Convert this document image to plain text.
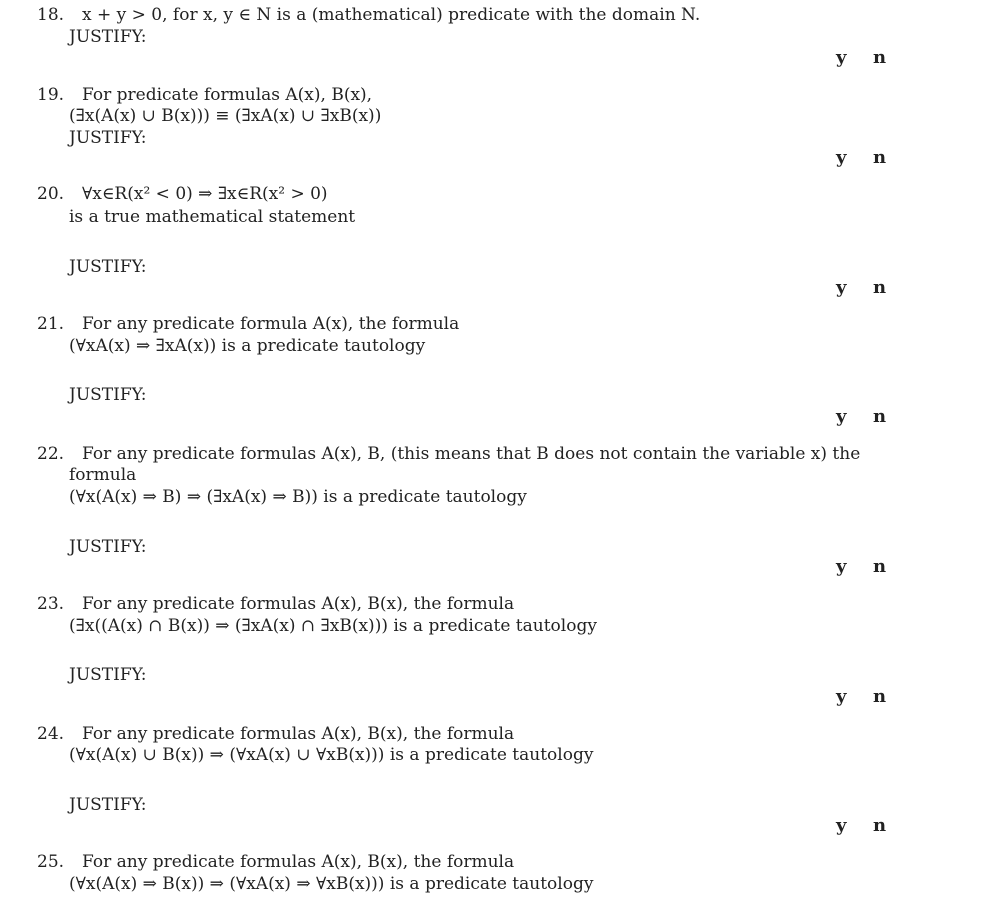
18. x + y > 0, for x, y ∈ N is a (mathematical) predicate with the domain N.
JUSTIFY:
y n
19. For predicate formulas A(x), B(x),
(∃x(A(x) ∪ B(x))) ≡ (∃xA(x) ∪ ∃xB(x))
JUSTIFY:
y n
20. ∀x∈R(x² < 0) ⇒ ∃x∈R(x² > 0)
is a true mathematical statement
JUSTIFY:
y n
21. For any predicate formula A(x), the formula
(∀xA(x) ⇒ ∃xA(x)) is a predicate tautology
JUSTIFY:
y n
22. For any predicate formulas A(x), B, (this means that B does not contain the variable x) the
formula
(∀x(A(x) ⇒ B) ⇒ (∃xA(x) ⇒ B)) is a predicate tautology
JUSTIFY:
y n
23. For any predicate formulas A(x), B(x), the formula
(∃x((A(x) ∩ B(x)) ⇒ (∃xA(x) ∩ ∃xB(x))) is a predicate tautology
JUSTIFY:
y n
24. For any predicate formulas A(x), B(x), the formula
(∀x(A(x) ∪ B(x)) ⇒ (∀xA(x) ∪ ∀xB(x))) is a predicate tautology
JUSTIFY:
y n
25. For any predicate formulas A(x), B(x), the formula
(∀x(A(x) ⇒ B(x)) ⇒ (∀xA(x) ⇒ ∀xB(x))) is a predicate tautology
